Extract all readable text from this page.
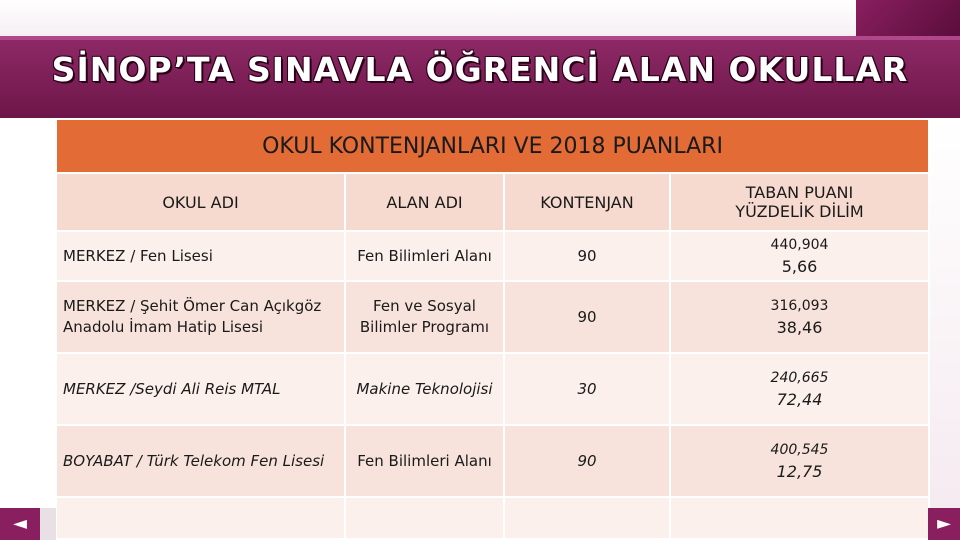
SİNOP’TA SINAVLA ÖĞRENCİ ALAN OKULLAR
OKUL KONTENJANLARI VE 2018 PUANLARI			
OKUL ADI	ALAN ADI	KONTENJAN	TABAN PUANI
YÜZDELİK DİLİM

MERKEZ / Fen Lisesi	Fen Bilimleri Alanı	90	440,904
5,66

MERKEZ / Şehit Ömer Can Açıkgöz Anadolu İmam Hatip Lisesi	Fen ve Sosyal Bilimler Programı	90	316,093
38,46

MERKEZ /Seydi Ali Reis MTAL	Makine Teknolojisi	30	240,665
72,44

BOYABAT / Türk Telekom Fen Lisesi	Fen Bilimleri Alanı	90	400,545
12,75

◄	►
